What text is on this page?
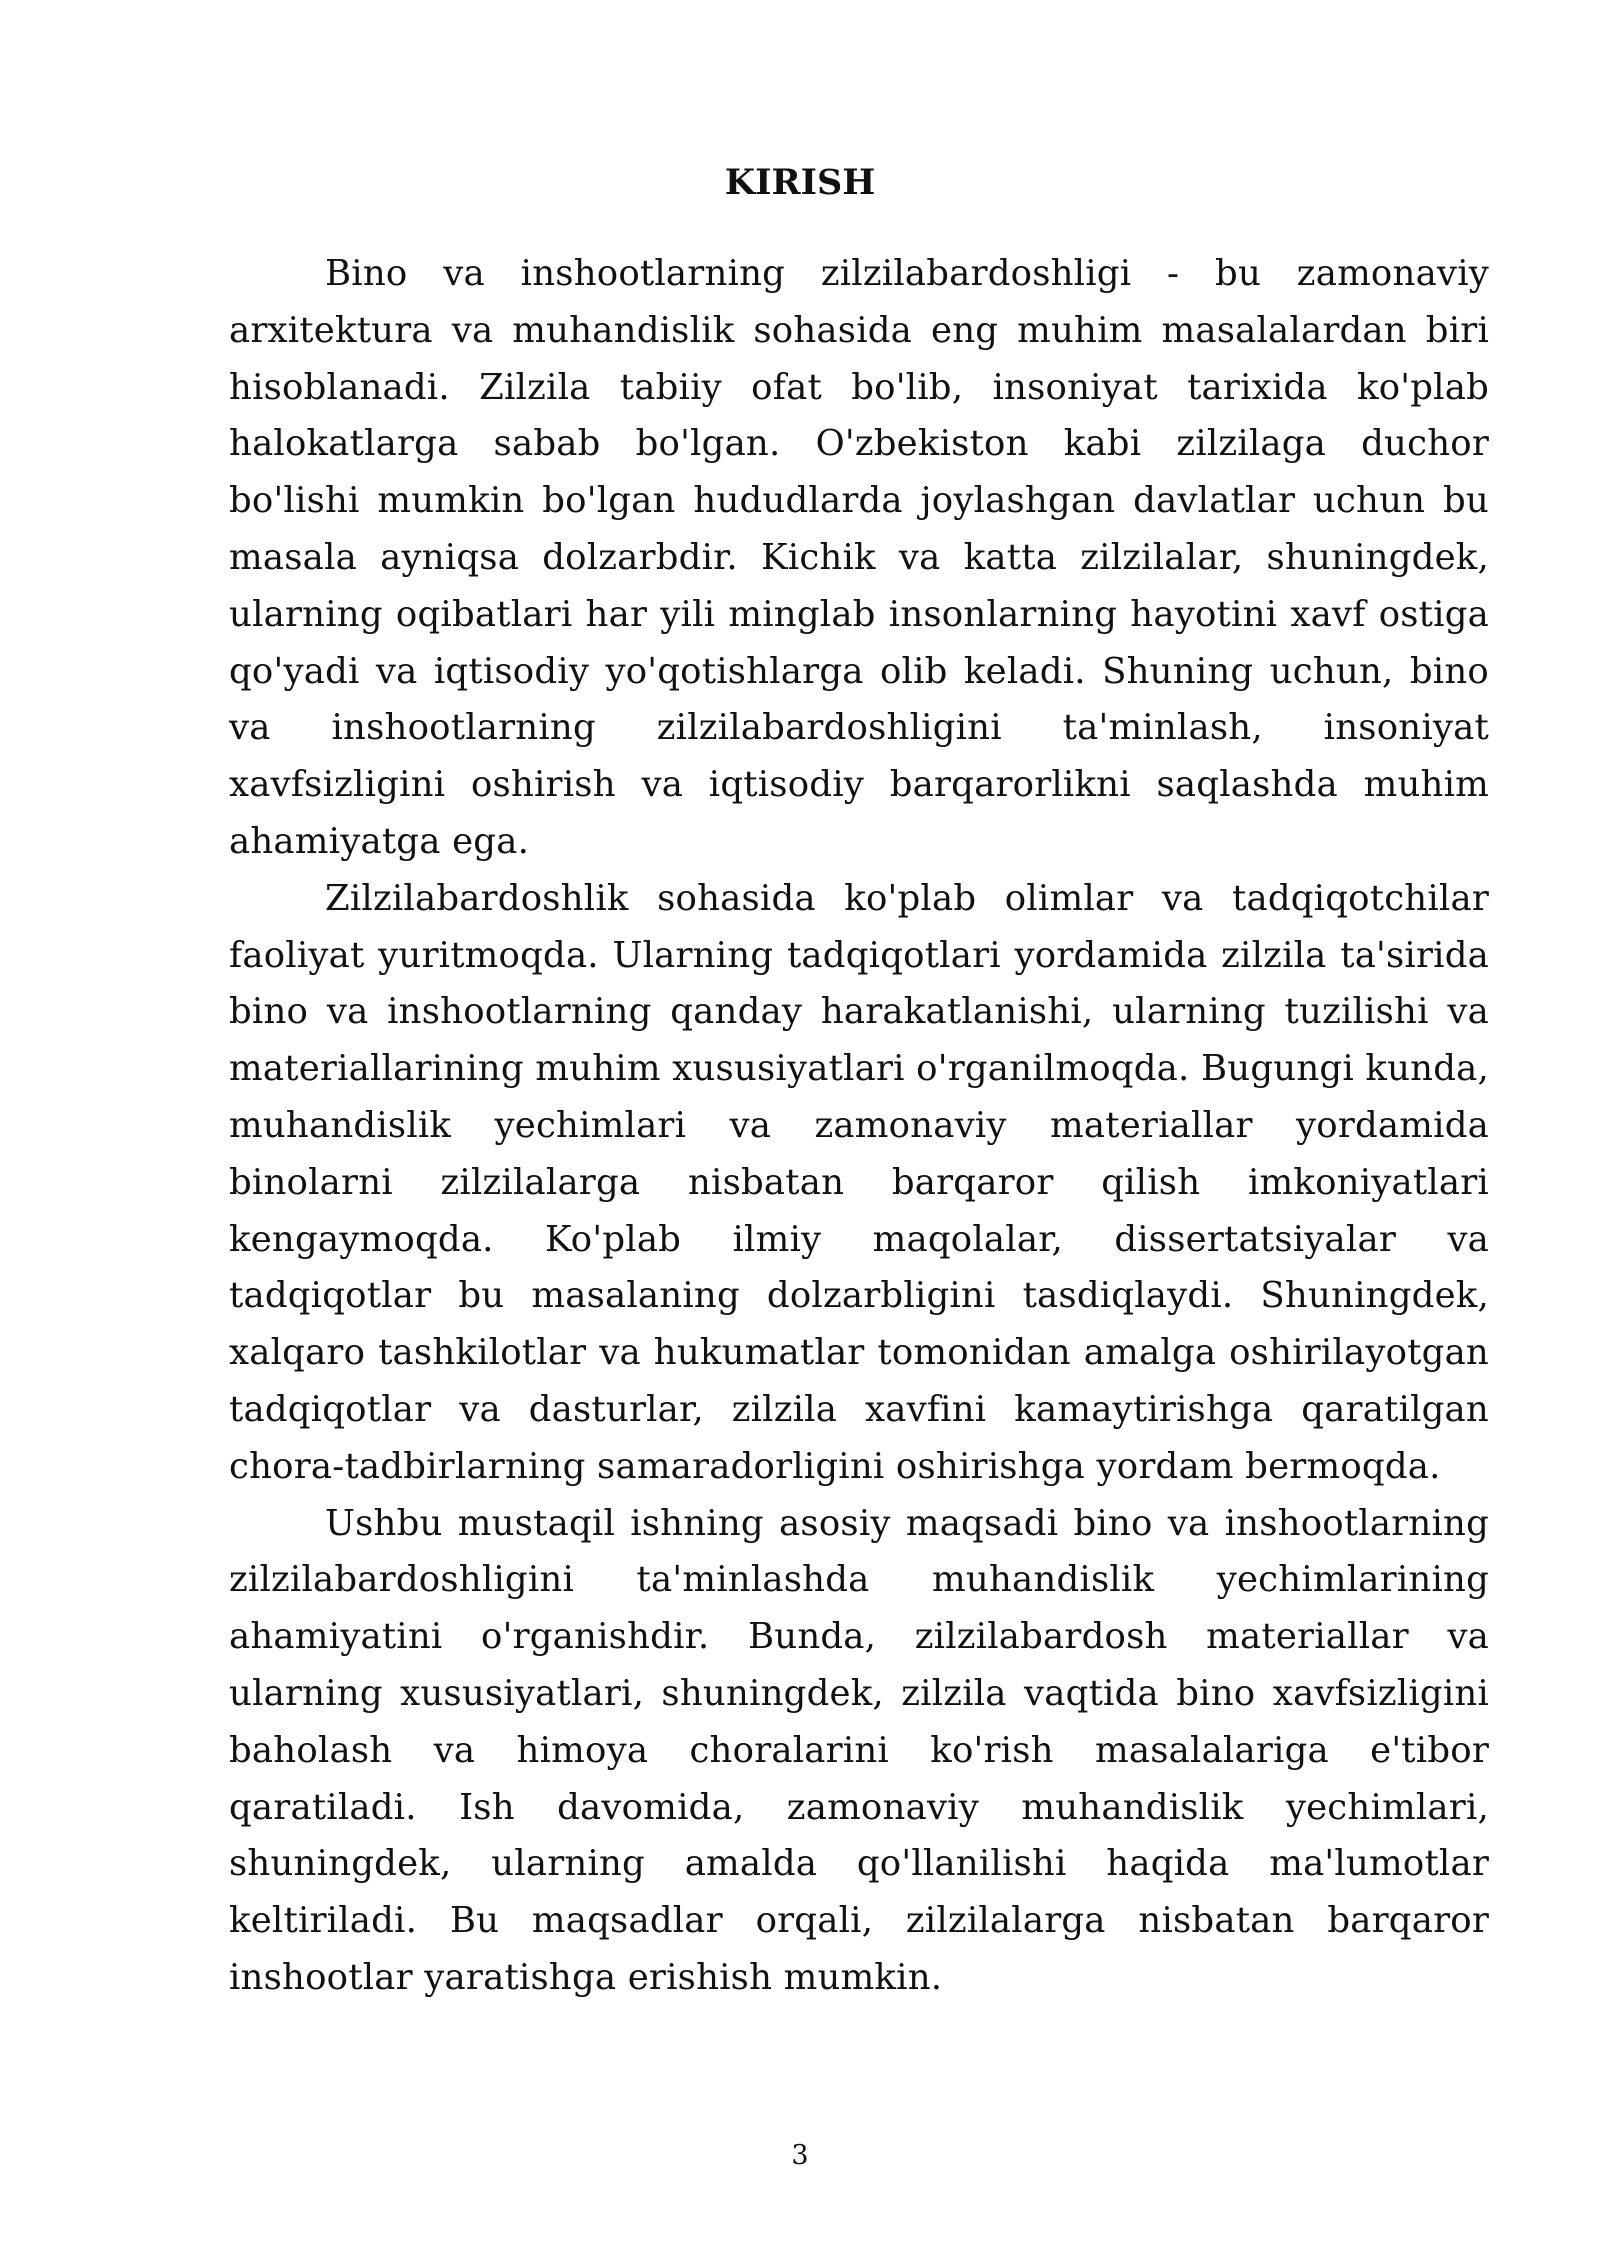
KIRISH

Bino va inshootlarning zilzilabardoshligi - bu zamonaviy arxitektura va muhandislik sohasida eng muhim masalalardan biri hisoblanadi. Zilzila tabiiy ofat bo'lib, insoniyat tarixida ko'plab halokatlarga sabab bo'lgan. O'zbekiston kabi zilzilaga duchor bo'lishi mumkin bo'lgan hududlarda joylashgan davlatlar uchun bu masala ayniqsa dolzarbdir. Kichik va katta zilzilalar, shuningdek, ularning oqibatlari har yili minglab insonlarning hayotini xavf ostiga qo'yadi va iqtisodiy yo'qotishlarga olib keladi. Shuning uchun, bino va inshootlarning zilzilabardoshligini ta'minlash, insoniyat xavfsizligini oshirish va iqtisodiy barqarorlikni saqlashda muhim ahamiyatga ega.

Zilzilabardoshlik sohasida ko'plab olimlar va tadqiqotchilar faoliyat yuritmoqda. Ularning tadqiqotlari yordamida zilzila ta'sirida bino va inshootlarning qanday harakatlanishi, ularning tuzilishi va materiallarining muhim xususiyatlari o'rganilmoqda. Bugungi kunda, muhandislik yechimlari va zamonaviy materiallar yordamida binolarni zilzilalarga nisbatan barqaror qilish imkoniyatlari kengaymoqda. Ko'plab ilmiy maqolalar, dissertatsiyalar va tadqiqotlar bu masalaning dolzarbligini tasdiqlaydi. Shuningdek, xalqaro tashkilotlar va hukumatlar tomonidan amalga oshirilayotgan tadqiqotlar va dasturlar, zilzila xavfini kamaytirishga qaratilgan chora-tadbirlarning samaradorligini oshirishga yordam bermoqda.

Ushbu mustaqil ishning asosiy maqsadi bino va inshootlarning zilzilabardoshligini ta'minlashda muhandislik yechimlarining ahamiyatini o'rganishdir. Bunda, zilzilabardosh materiallar va ularning xususiyatlari, shuningdek, zilzila vaqtida bino xavfsizligini baholash va himoya choralarini ko'rish masalalariga e'tibor qaratiladi. Ish davomida, zamonaviy muhandislik yechimlari, shuningdek, ularning amalda qo'llanilishi haqida ma'lumotlar keltiriladi. Bu maqsadlar orqali, zilzilalarga nisbatan barqaror inshootlar yaratishga erishish mumkin.

3
